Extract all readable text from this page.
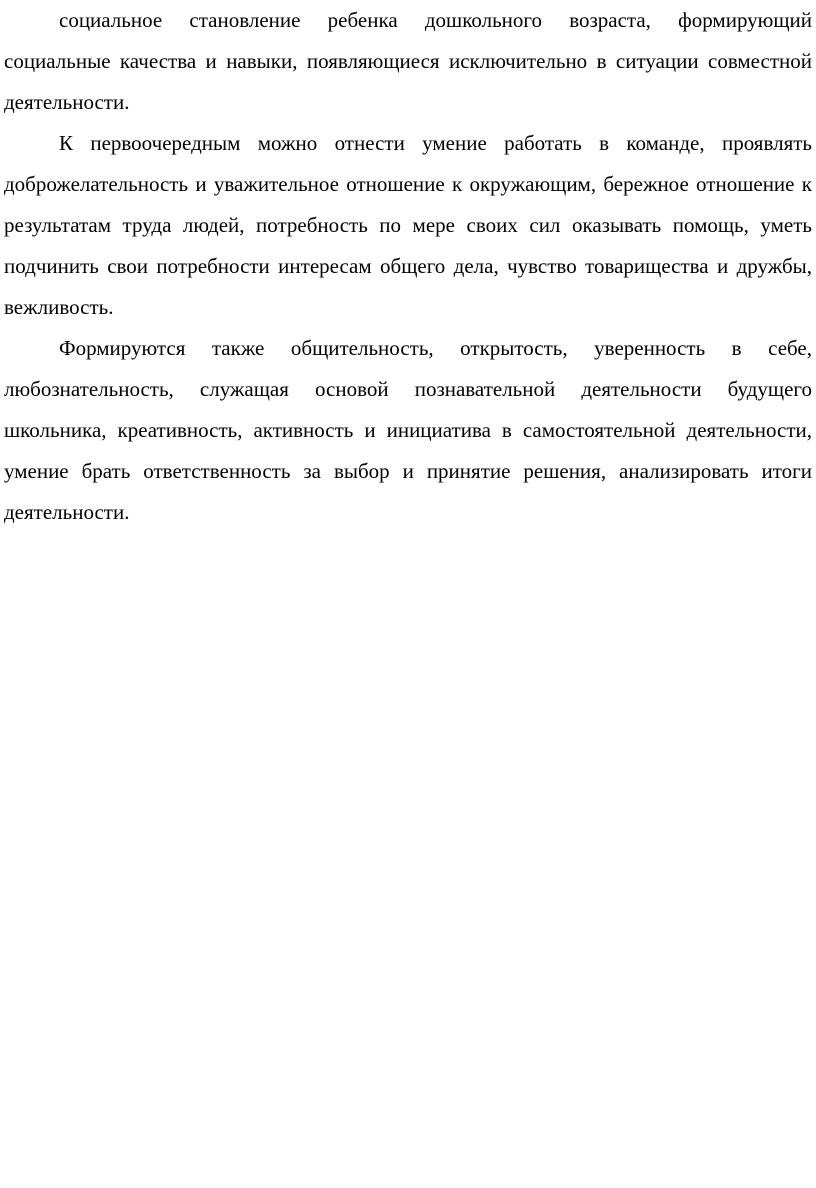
социальное становление ребенка дошкольного возраста, формирующий социальные качества и навыки, появляющиеся исключительно в ситуации совместной деятельности.

К первоочередным можно отнести умение работать в команде, проявлять доброжелательность и уважительное отношение к окружающим, бережное отношение к результатам труда людей, потребность по мере своих сил оказывать помощь, уметь подчинить свои потребности интересам общего дела, чувство товарищества и дружбы, вежливость.

Формируются также общительность, открытость, уверенность в себе, любознательность, служащая основой познавательной деятельности будущего школьника, креативность, активность и инициатива в самостоятельной деятельности, умение брать ответственность за выбор и принятие решения, анализировать итоги деятельности.
